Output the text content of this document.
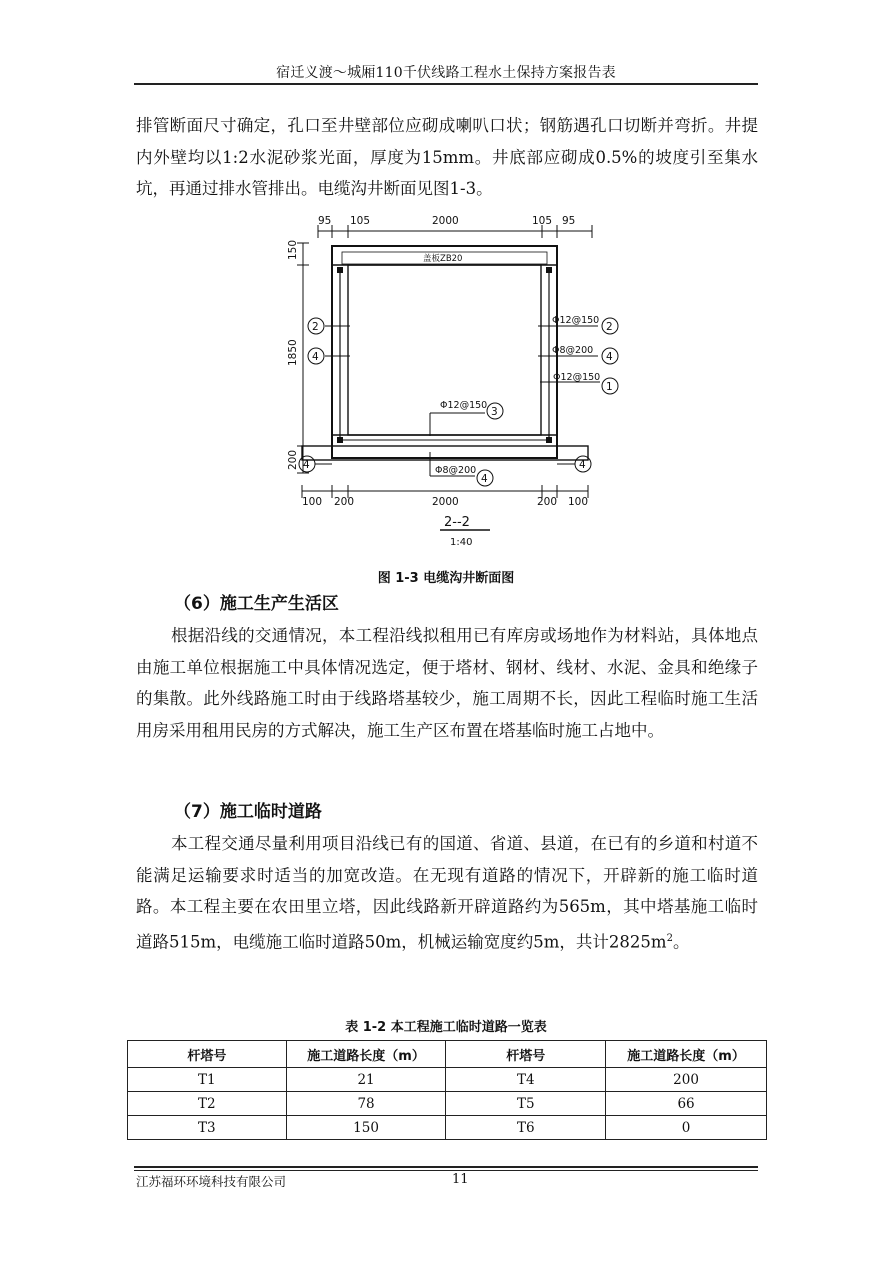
宿迁义渡～城厢110千伏线路工程水土保持方案报告表

排管断面尺寸确定，孔口至井壁部位应砌成喇叭口状；钢筋遇孔口切断并弯折。井提内外壁均以1:2水泥砂浆光面，厚度为15mm。井底部应砌成0.5%的坡度引至集水坑，再通过排水管排出。电缆沟井断面见图1-3。

95 105	2000	105 95
150
1850
200
盖板ZB20
Φ12@150
Φ8@200
Φ12@150
Φ12@150
Φ8@200
2
4
2
4
1
3
4	4
4
100 200	2000	200 100
2--2
1:40
图 1-3 电缆沟井断面图

（6）施工生产生活区

根据沿线的交通情况，本工程沿线拟租用已有库房或场地作为材料站，具体地点由施工单位根据施工中具体情况选定，便于塔材、钢材、线材、水泥、金具和绝缘子的集散。此外线路施工时由于线路塔基较少，施工周期不长，因此工程临时施工生活用房采用租用民房的方式解决，施工生产区布置在塔基临时施工占地中。

（7）施工临时道路

本工程交通尽量利用项目沿线已有的国道、省道、县道，在已有的乡道和村道不能满足运输要求时适当的加宽改造。在无现有道路的情况下，开辟新的施工临时道路。本工程主要在农田里立塔，因此线路新开辟道路约为565m，其中塔基施工临时道路515m，电缆施工临时道路50m，机械运输宽度约5m，共计$2825m^2$。

表 1-2 本工程施工临时道路一览表
杆塔号	施工道路长度（m）	杆塔号	施工道路长度（m）
T1	21	T4	200
T2	78	T5	66
T3	150	T6	0
江苏福环环境科技有限公司	11
